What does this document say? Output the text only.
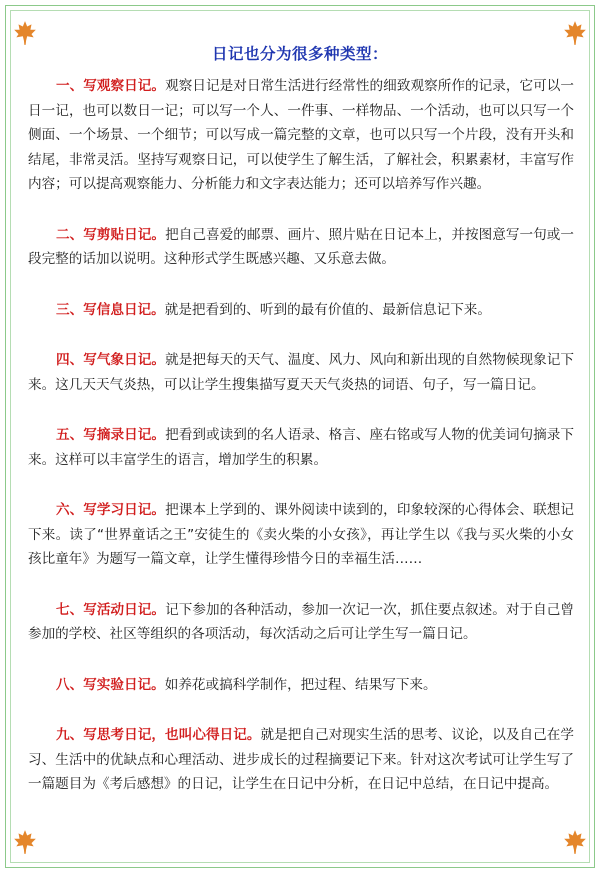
日记也分为很多种类型：

一、写观察日记。观察日记是对日常生活进行经常性的细致观察所作的记录，它可以一日一记，也可以数日一记；可以写一个人、一件事、一样物品、一个活动，也可以只写一个侧面、一个场景、一个细节；可以写成一篇完整的文章，也可以只写一个片段，没有开头和结尾，非常灵活。坚持写观察日记，可以使学生了解生活，了解社会，积累素材，丰富写作内容；可以提高观察能力、分析能力和文字表达能力；还可以培养写作兴趣。

二、写剪贴日记。把自己喜爱的邮票、画片、照片贴在日记本上，并按图意写一句或一段完整的话加以说明。这种形式学生既感兴趣、又乐意去做。

三、写信息日记。就是把看到的、听到的最有价值的、最新信息记下来。

四、写气象日记。就是把每天的天气、温度、风力、风向和新出现的自然物候现象记下来。这几天天气炎热，可以让学生搜集描写夏天天气炎热的词语、句子，写一篇日记。

五、写摘录日记。把看到或读到的名人语录、格言、座右铭或写人物的优美词句摘录下来。这样可以丰富学生的语言，增加学生的积累。

六、写学习日记。把课本上学到的、课外阅读中读到的，印象较深的心得体会、联想记下来。读了“世界童话之王”安徒生的《卖火柴的小女孩》，再让学生以《我与买火柴的小女孩比童年》为题写一篇文章，让学生懂得珍惜今日的幸福生活……

七、写活动日记。记下参加的各种活动，参加一次记一次，抓住要点叙述。对于自己曾参加的学校、社区等组织的各项活动，每次活动之后可让学生写一篇日记。

八、写实验日记。如养花或搞科学制作，把过程、结果写下来。

九、写思考日记，也叫心得日记。就是把自己对现实生活的思考、议论，以及自己在学习、生活中的优缺点和心理活动、进步成长的过程摘要记下来。针对这次考试可让学生写了一篇题目为《考后感想》的日记，让学生在日记中分析，在日记中总结，在日记中提高。
